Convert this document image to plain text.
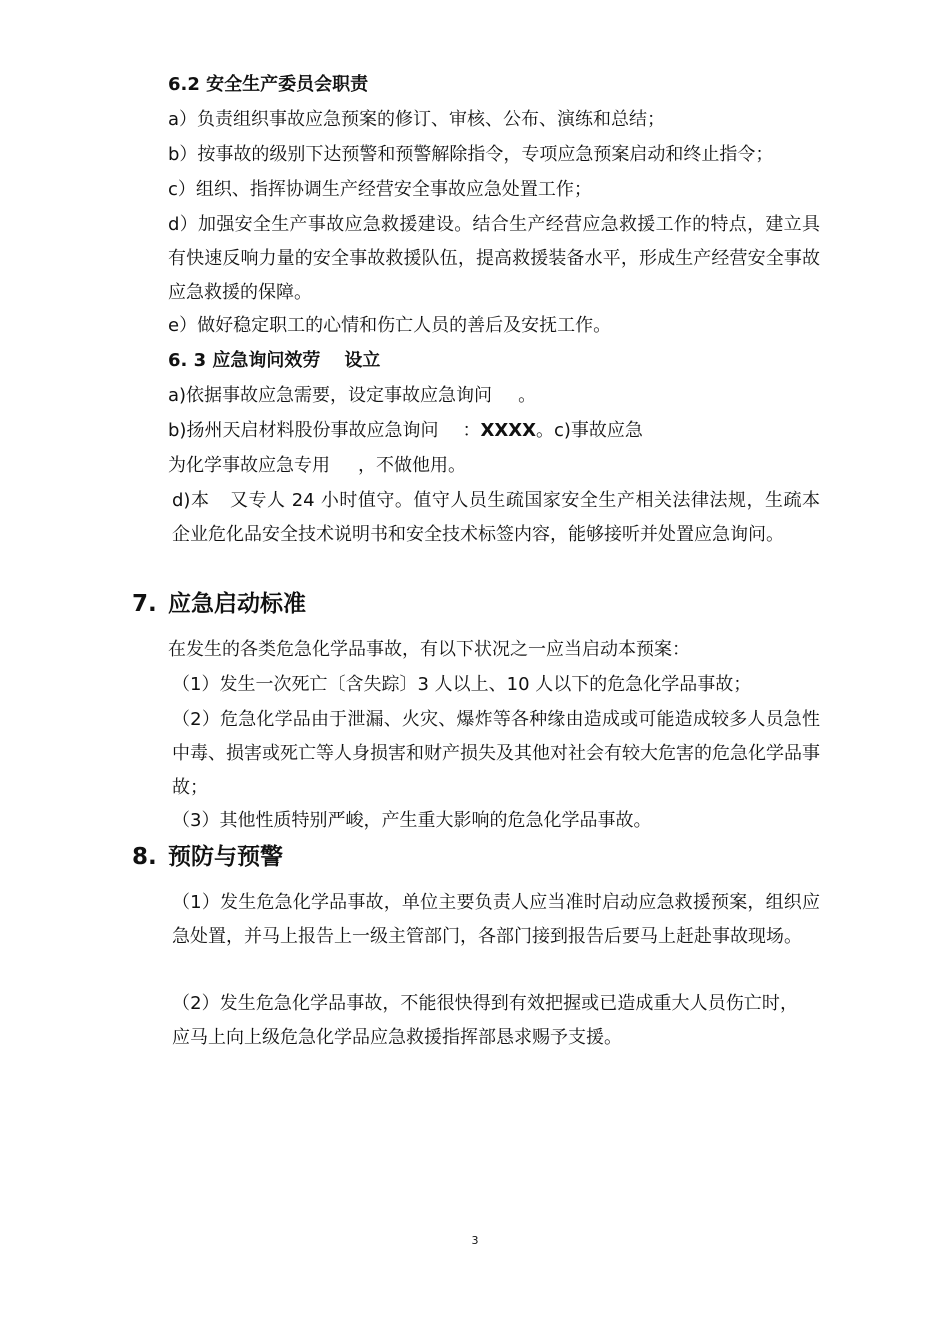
6.2 安全生产委员会职责
a）负责组织事故应急预案的修订、审核、公布、演练和总结；
b）按事故的级别下达预警和预警解除指令，专项应急预案启动和终止指令；
c）组织、指挥协调生产经营安全事故应急处置工作；
d）加强安全生产事故应急救援建设。结合生产经营应急救援工作的特点，建立具有快速反响力量的安全事故救援队伍，提高救援装备水平，形成生产经营安全事故应急救援的保障。
e）做好稳定职工的心情和伤亡人员的善后及安抚工作。
6. 3 应急询问效劳 设立
a)依据事故应急需要，设定事故应急询问 。
b)扬州天启材料股份事故应急询问 ：XXXX。c)事故应急
为化学事故应急专用 ，不做他用。
d)本 又专人 24 小时值守。值守人员生疏国家安全生产相关法律法规，生疏本企业危化品安全技术说明书和安全技术标签内容，能够接听并处置应急询问。
7. 应急启动标准
在发生的各类危急化学品事故，有以下状况之一应当启动本预案：
（1）发生一次死亡〔含失踪〕3 人以上、10 人以下的危急化学品事故；
（2）危急化学品由于泄漏、火灾、爆炸等各种缘由造成或可能造成较多人员急性中毒、损害或死亡等人身损害和财产损失及其他对社会有较大危害的危急化学品事故；
（3）其他性质特别严峻，产生重大影响的危急化学品事故。
8. 预防与预警
（1）发生危急化学品事故，单位主要负责人应当准时启动应急救援预案，组织应急处置，并马上报告上一级主管部门，各部门接到报告后要马上赶赴事故现场。
（2）发生危急化学品事故，不能很快得到有效把握或已造成重大人员伤亡时，应马上向上级危急化学品应急救援指挥部恳求赐予支援。
3
